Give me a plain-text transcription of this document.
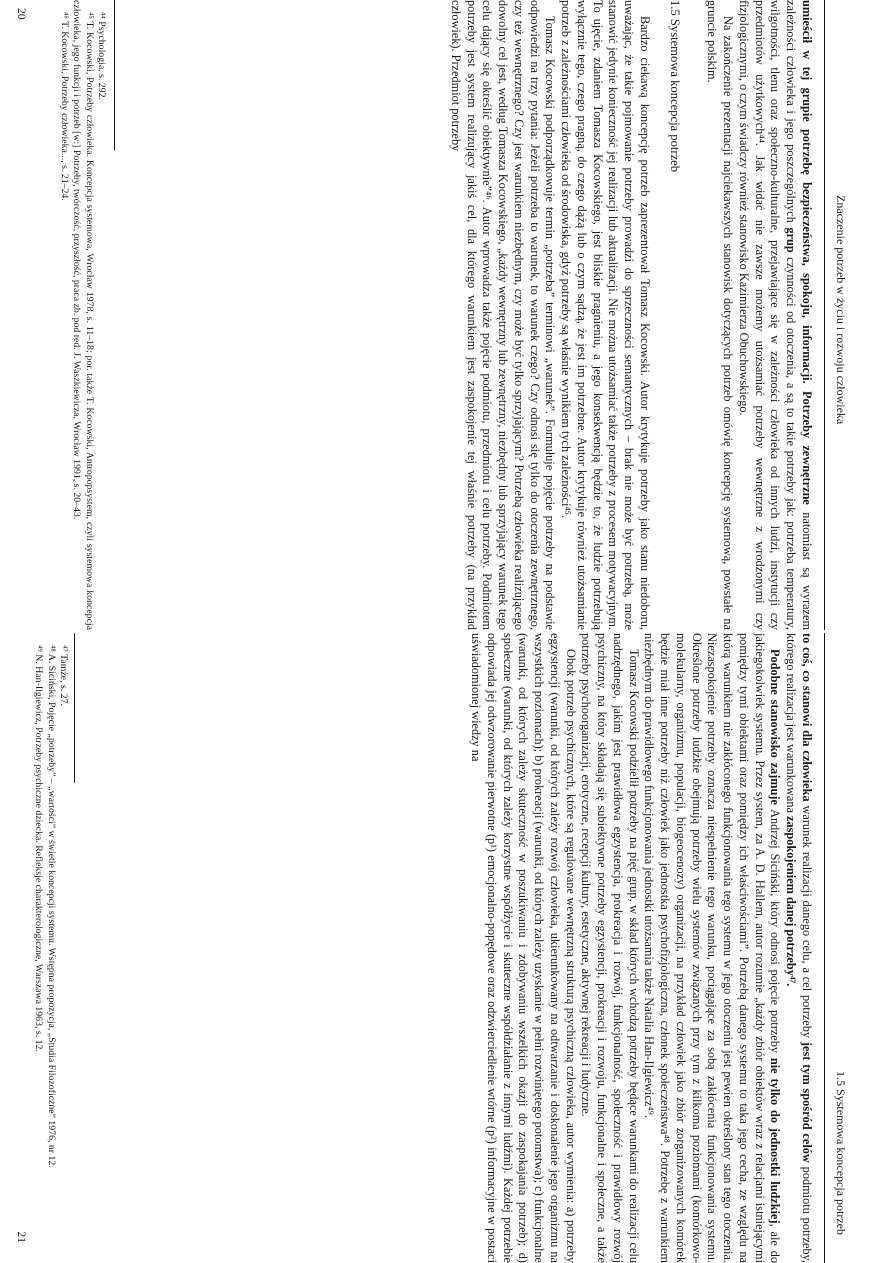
Znaczenie potrzeb w życiu i rozwoju człowieka

umieścił w tej grupie potrzebę bezpieczeństwa, spokoju, informacji. Potrzeby zewnętrzne natomiast są wyrazem zależności człowieka i jego poszczególnych grup czynności od otoczenia, a są to takie potrzeby jak: potrzeba temperatury, wilgotności, tlenu oraz społeczno-kulturalne, przejawiające się w zależności człowieka od innych ludzi, instytucji czy przedmiotów użytkowych⁴⁴. Jak widać nie zawsze możemy utożsamiać potrzeby wewnętrzne z wrodzonymi czy fizjologicznymi, o czym świadczy również stanowisko Kazimierza Obuchowskiego.

Na zakończenie prezentacji najciekawszych stanowisk dotyczących potrzeb omówię koncepcję systemową, powstałe na gruncie polskim.

1.5 Systemowa koncepcja potrzeb

Bardzo ciekawą koncepcję potrzeb zaprezentował Tomasz Kocowski. Autor krytykuje potrzeby jako stanu niedoboru, uważając, że takie pojmowanie potrzeby prowadzi do sprzeczności semantycznych – brak nie może być potrzebą, może stanowić jedynie konieczność jej realizacji lub aktualizacji. Nie można utożsamiać także potrzeby z procesem motywacyjnym. To ujęcie, zdaniem Tomasza Kocowskiego, jest bliskie pragnieniu, a jego konsekwencją będzie to, że ludzie potrzebują wyłącznie tego, czego pragną, do czego dążą lub o czym sądzą, że jest im potrzebne. Autor krytykuje również utożsamianie potrzeb z zależnościami człowieka od środowiska, gdyż potrzeby są właśnie wynikiem tych zależności⁴⁵.

Tomasz Kocowski podporządkowuje termin „potrzeba” terminowi „warunek”. Formułuje pojęcie potrzeby na podstawie odpowiedzi na trzy pytania: Jeżeli potrzeba to warunek, to warunek czego? Czy odnosi się tylko do otoczenia zewnętrznego, czy też wewnętrznego? Czy jest warunkiem niezbędnym, czy może być tylko sprzyjającym? Potrzebą człowieka realizującego dowolny cel jest, według Tomasza Kocowskiego, „każdy wewnętrzny lub zewnętrzny, niezbędny lub sprzyjający warunek tego celu dający się określić obiektywnie”⁴⁶. Autor wprowadza także pojęcie podmiotu, przedmiotu i celu potrzeby. Podmiotem potrzeby jest system realizujący jakiś cel, dla którego warunkiem jest zaspokojenie tej właśnie potrzeby (na przykład człowiek). Przedmiot potrzeby

⁴⁴ Psychologia, s. 292.

⁴⁵ T. Kocowski, Potrzeby człowieka. Koncepcja systemowa, Wrocław 1978, s. 11–18; por. także T. Kocowski, Antropopsystem, czyli systemowa koncepcja człowieka, jego funkcji i potrzeb [w:] Potrzeby, twórczość, przyszłość, praca zb. pod red. J. Waszkiewicza, Wrocław 1991, s. 20–43.

⁴⁶ T. Kocowski, Potrzeby człowieka..., s. 21–24.

20
1.5 Systemowa koncepcja potrzeb

to coś, co stanowi dla człowieka warunek realizacji danego celu, a cel potrzeby jest tym spośród celów podmiotu potrzeby, którego realizacja jest warunkowana zaspokojeniem danej potrzeby⁴⁷.

Podobne stanowisko zajmuje Andrzej Siciński, który odnosi pojęcie potrzeby nie tylko do jednostki ludzkiej, ale do jakiegokolwiek systemu. Przez system, za A. D. Hallem, autor rozumie „każdy zbiór obiektów wraz z relacjami istniejącymi pomiędzy tymi obiektami oraz pomiędzy ich właściwościami”. Potrzebą danego systemu to taka jego cecha, ze względu na którą warunkiem nie zakłóconego funkcjonowania tego systemu w jego otoczeniu jest pewien określony stan tego otoczenia. Niezaspokojenie potrzeby oznacza niespełnienie tego warunku, pociągające za sobą zakłócenia funkcjonowania systemu. Określone potrzeby ludzkie obejmują potrzeby wielu systemów związanych przy tym z kilkoma poziomami (komórkowo-molekularny, organizmu, populacji, biogeocenozy) organizacji, na przykład człowiek jako zbiór zorganizowanych komórek będzie miał inne potrzeby niż człowiek jako jednostka psychofizjologiczna, członek społeczeństwa⁴⁸. Potrzebę z warunkiem niezbędnym do prawidłowego funkcjonowania jednostki utożsamia także Natalia Han-Ilgiewicz⁴⁹.

Tomasz Kocowski podzielił potrzeby na pięć grup, w skład których wchodzą potrzeby będące warunkami do realizacji celu nadrzędnego, jakim jest prawidłowa egzystencja, prokreacja i rozwój, funkcjonalność, społeczność i prawidłowy rozwój psychiczny, na który składają się subiektywne potrzeby egzystencji, prokreacji i rozwoju, funkcjonalne i społeczne, a także potrzeby psychoorganizacji, erotyczne, recepcji kultury, estetyczne, aktywnej rekreacji i ludyczne.

Obok potrzeb psychicznych, które są regulowane wewnętrzną strukturą psychiczną człowieka, autor wymienia: a) potrzeby egzystencji (warunki, od których zależy rozwój człowieka, ukierunkowany na odtwarzanie i doskonalenie jego organizmu na wszystkich poziomach); b) prokreacji (warunki, od których zależy uzyskanie w pełni rozwiniętego potomstwa); c) funkcjonalne (warunki, od których zależy skuteczność w poszukiwaniu i zdobywaniu wszelkich okazji do zaspokajania potrzeb); d) społeczne (warunki, od których zależy korzystne współżycie i skuteczne współdziałanie z innymi ludźmi). Każdej potrzebie odpowiada jej odwzorowanie pierwotne (p¹) emocjonalno-popędowe oraz odzwierciedlenie wtórne (p²) informacyjne w postaci uświadomionej wiedzy na

⁴⁷ Tamże, s. 27.

⁴⁸ A. Siciński, Pojęcie „potrzeby” – „wartości” w świetle koncepcji systemu. Wstępna propozycja, „Studia Filozoficzne” 1976, nr 12.

⁴⁹ N. Han-Ilgiewicz, Potrzeby psychiczne dziecka. Refleksje charakterologiczne, Warszawa 1963, s. 12.

21
